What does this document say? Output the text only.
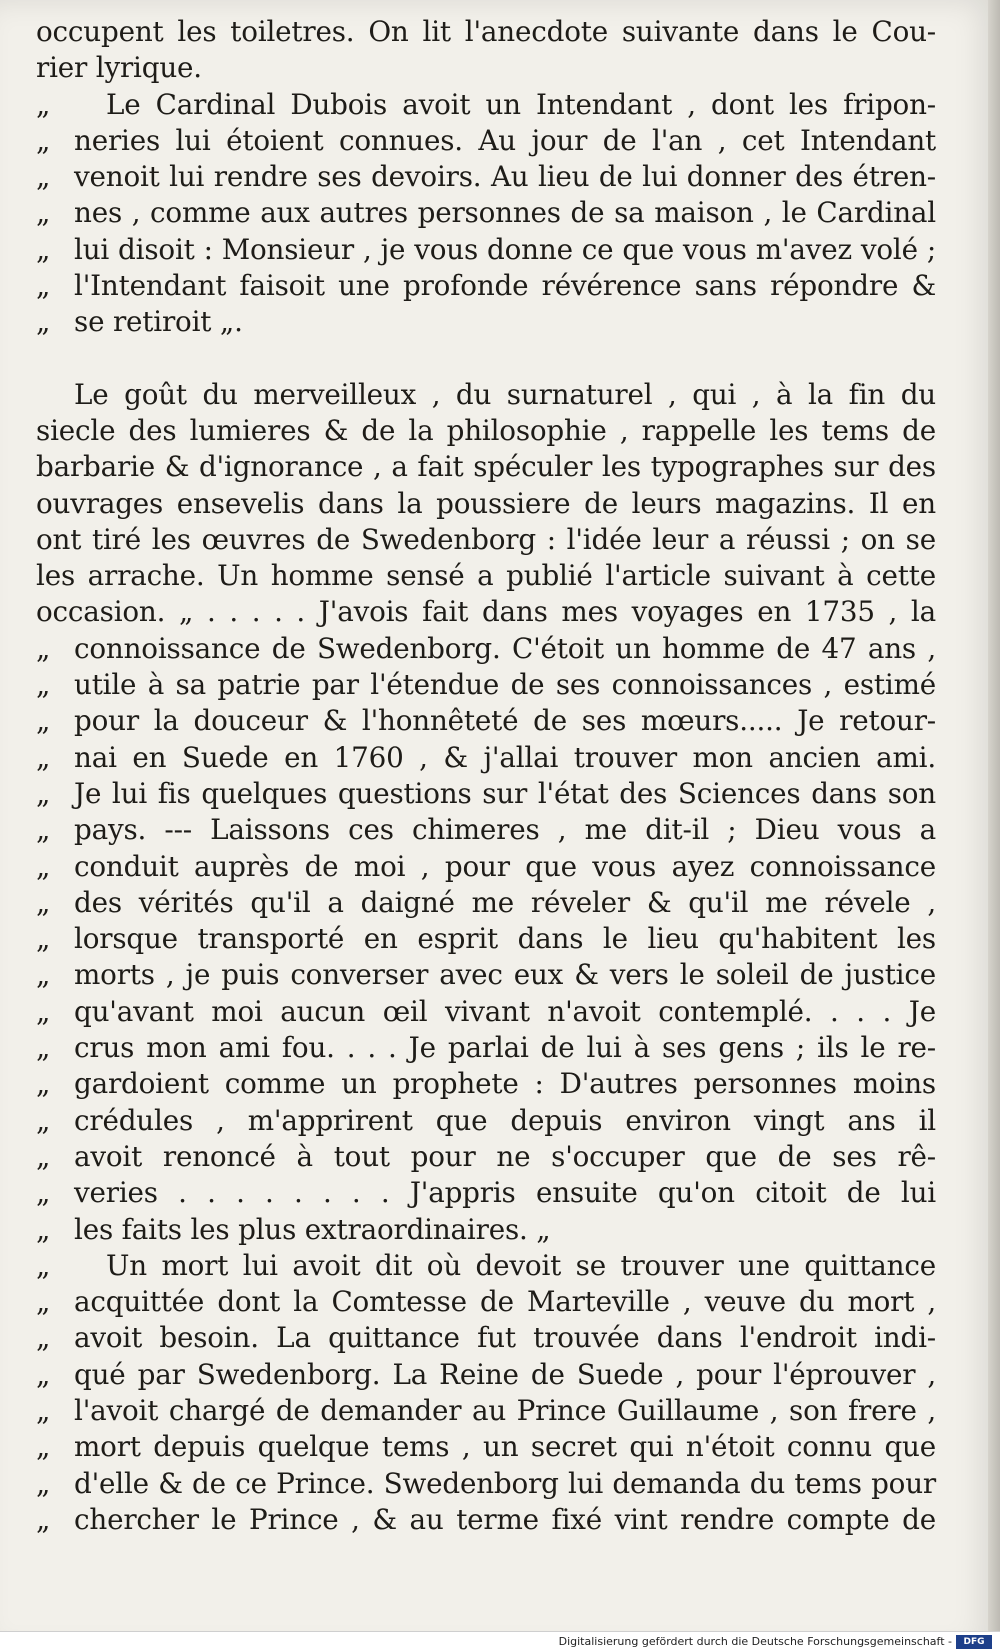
occupent les toiletres. On lit l'anecdote suivante dans le Cou-
rier lyrique.
„	Le Cardinal Dubois avoit un Intendant , dont les fripon-
„ neries lui étoient connues. Au jour de l'an , cet Intendant
„ venoit lui rendre ses devoirs. Au lieu de lui donner des étren-
„ nes , comme aux autres personnes de sa maison , le Cardinal
„ lui disoit : Monsieur , je vous donne ce que vous m'avez volé ;
„ l'Intendant faisoit une profonde révérence sans répondre &
„ se retiroit „.
Le goût du merveilleux , du surnaturel , qui , à la fin du
siecle des lumieres & de la philosophie , rappelle les tems de
barbarie & d'ignorance , a fait spéculer les typographes sur des
ouvrages ensevelis dans la poussiere de leurs magazins. Il en
ont tiré les œuvres de Swedenborg : l'idée leur a réussi ; on se
les arrache. Un homme sensé a publié l'article suivant à cette
occasion. „ . . . . . J'avois fait dans mes voyages en 1735 , la
„ connoissance de Swedenborg. C'étoit un homme de 47 ans ,
„ utile à sa patrie par l'étendue de ses connoissances , estimé
„ pour la douceur & l'honnêteté de ses mœurs..... Je retour-
„ nai en Suede en 1760 , & j'allai trouver mon ancien ami.
„ Je lui fis quelques questions sur l'état des Sciences dans son
„ pays. --- Laissons ces chimeres , me dit-il ; Dieu vous a
„ conduit auprès de moi , pour que vous ayez connoissance
„ des vérités qu'il a daigné me réveler & qu'il me révele ,
„ lorsque transporté en esprit dans le lieu qu'habitent les
„ morts , je puis converser avec eux & vers le soleil de justice
„ qu'avant moi aucun œil vivant n'avoit contemplé. . . . Je
„ crus mon ami fou. . . . Je parlai de lui à ses gens ; ils le re-
„ gardoient comme un prophete : D'autres personnes moins
„ crédules , m'apprirent que depuis environ vingt ans il
„ avoit renoncé à tout pour ne s'occuper que de ses rê-
„ veries . . . . . . . . J'appris ensuite qu'on citoit de lui
„ les faits les plus extraordinaires. „
„	Un mort lui avoit dit où devoit se trouver une quittance
„ acquittée dont la Comtesse de Marteville , veuve du mort ,
„ avoit besoin. La quittance fut trouvée dans l'endroit indi-
„ qué par Swedenborg. La Reine de Suede , pour l'éprouver ,
„ l'avoit chargé de demander au Prince Guillaume , son frere ,
„ mort depuis quelque tems , un secret qui n'étoit connu que
„ d'elle & de ce Prince. Swedenborg lui demanda du tems pour
„ chercher le Prince , & au terme fixé vint rendre compte de
Digitalisierung gefördert durch die Deutsche Forschungsgemeinschaft -	DFG
